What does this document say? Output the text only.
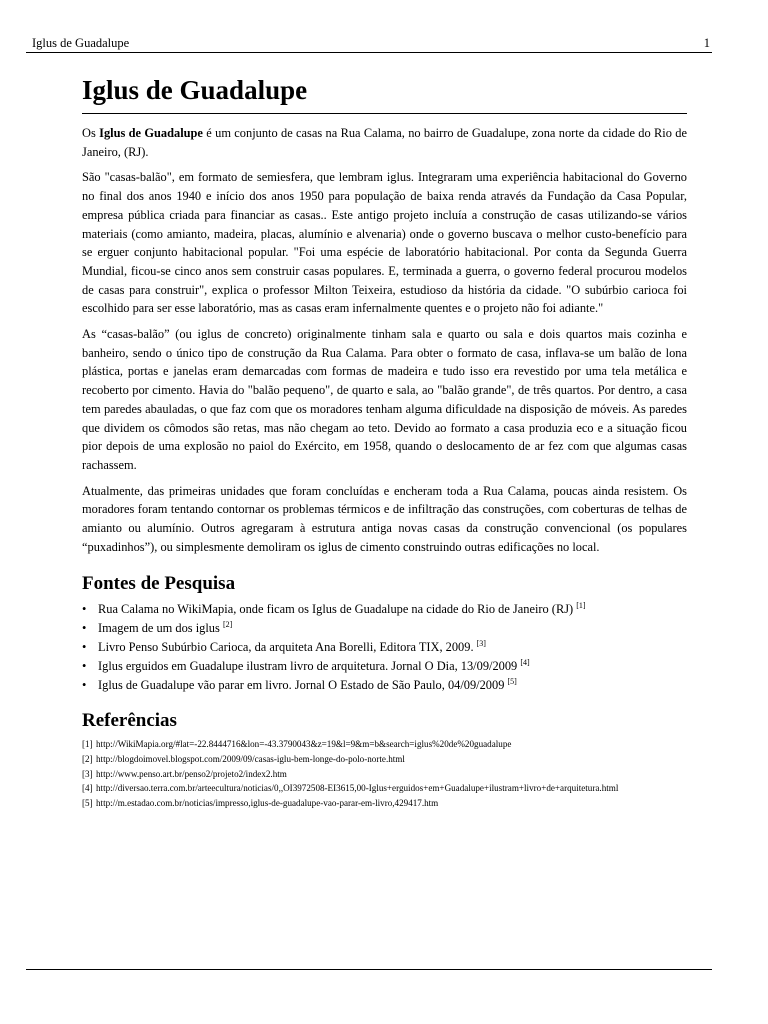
Iglus de Guadalupe	1
Iglus de Guadalupe

Os Iglus de Guadalupe é um conjunto de casas na Rua Calama, no bairro de Guadalupe, zona norte da cidade do Rio de Janeiro, (RJ).

São "casas-balão", em formato de semiesfera, que lembram iglus. Integraram uma experiência habitacional do Governo no final dos anos 1940 e início dos anos 1950 para população de baixa renda através da Fundação da Casa Popular, empresa pública criada para financiar as casas.. Este antigo projeto incluía a construção de casas utilizando-se vários materiais (como amianto, madeira, placas, alumínio e alvenaria) onde o governo buscava o melhor custo-benefício para se erguer conjunto habitacional popular. "Foi uma espécie de laboratório habitacional. Por conta da Segunda Guerra Mundial, ficou-se cinco anos sem construir casas populares. E, terminada a guerra, o governo federal procurou modelos de casas para construir", explica o professor Milton Teixeira, estudioso da história da cidade. "O subúrbio carioca foi escolhido para ser esse laboratório, mas as casas eram infernalmente quentes e o projeto não foi adiante."

As “casas-balão” (ou iglus de concreto) originalmente tinham sala e quarto ou sala e dois quartos mais cozinha e banheiro, sendo o único tipo de construção da Rua Calama. Para obter o formato de casa, inflava-se um balão de lona plástica, portas e janelas eram demarcadas com formas de madeira e tudo isso era revestido por uma tela metálica e recoberto por cimento. Havia do "balão pequeno", de quarto e sala, ao "balão grande", de três quartos. Por dentro, a casa tem paredes abauladas, o que faz com que os moradores tenham alguma dificuldade na disposição de móveis. As paredes que dividem os cômodos são retas, mas não chegam ao teto. Devido ao formato a casa produzia eco e a situação ficou pior depois de uma explosão no paiol do Exército, em 1958, quando o deslocamento de ar fez com que algumas casas rachassem.

Atualmente, das primeiras unidades que foram concluídas e encheram toda a Rua Calama, poucas ainda resistem. Os moradores foram tentando contornar os problemas térmicos e de infiltração das construções, com coberturas de telhas de amianto ou alumínio. Outros agregaram à estrutura antiga novas casas da construção convencional (os populares “puxadinhos”), ou simplesmente demoliram os iglus de cimento construindo outras edificações no local.

Fontes de Pesquisa
• Rua Calama no WikiMapia, onde ficam os Iglus de Guadalupe na cidade do Rio de Janeiro (RJ) [1]
• Imagem de um dos iglus [2]
• Livro Penso Subúrbio Carioca, da arquiteta Ana Borelli, Editora TIX, 2009. [3]
• Iglus erguidos em Guadalupe ilustram livro de arquitetura. Jornal O Dia, 13/09/2009 [4]
• Iglus de Guadalupe vão parar em livro. Jornal O Estado de São Paulo, 04/09/2009 [5]
Referências
[1] http://WikiMapia.org/#lat=-22.8444716&lon=-43.3790043&z=19&l=9&m=b&search=iglus%20de%20guadalupe
[2] http://blogdoimovel.blogspot.com/2009/09/casas-iglu-bem-longe-do-polo-norte.html
[3] http://www.penso.art.br/penso2/projeto2/index2.htm
[4] http://diversao.terra.com.br/arteecultura/noticias/0,,OI3972508-EI3615,00-Iglus+erguidos+em+Guadalupe+ilustram+livro+de+arquitetura.html
[5] http://m.estadao.com.br/noticias/impresso,iglus-de-guadalupe-vao-parar-em-livro,429417.htm
